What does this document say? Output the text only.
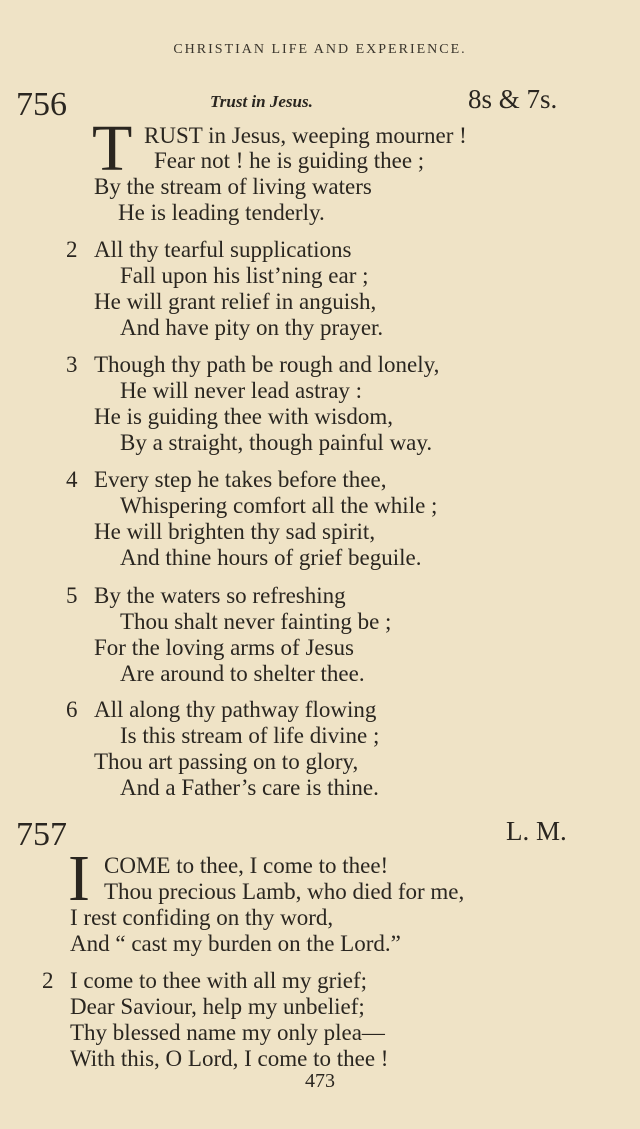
CHRISTIAN LIFE AND EXPERIENCE.
756	Trust in Jesus.	8s & 7s.
T RUST in Jesus, weeping mourner !
Fear not ! he is guiding thee ;
By the stream of living waters
He is leading tenderly.
2 All thy tearful supplications
Fall upon his list’ning ear ;
He will grant relief in anguish,
And have pity on thy prayer.
3 Though thy path be rough and lonely,
He will never lead astray :
He is guiding thee with wisdom,
By a straight, though painful way.
4 Every step he takes before thee,
Whispering comfort all the while ;
He will brighten thy sad spirit,
And thine hours of grief beguile.
5 By the waters so refreshing
Thou shalt never fainting be ;
For the loving arms of Jesus
Are around to shelter thee.
6 All along thy pathway flowing
Is this stream of life divine ;
Thou art passing on to glory,
And a Father’s care is thine.
757	L. M.
I COME to thee, I come to thee!
Thou precious Lamb, who died for me,
I rest confiding on thy word,
And “ cast my burden on the Lord.”
2 I come to thee with all my grief;
Dear Saviour, help my unbelief;
Thy blessed name my only plea—
With this, O Lord, I come to thee !
473
